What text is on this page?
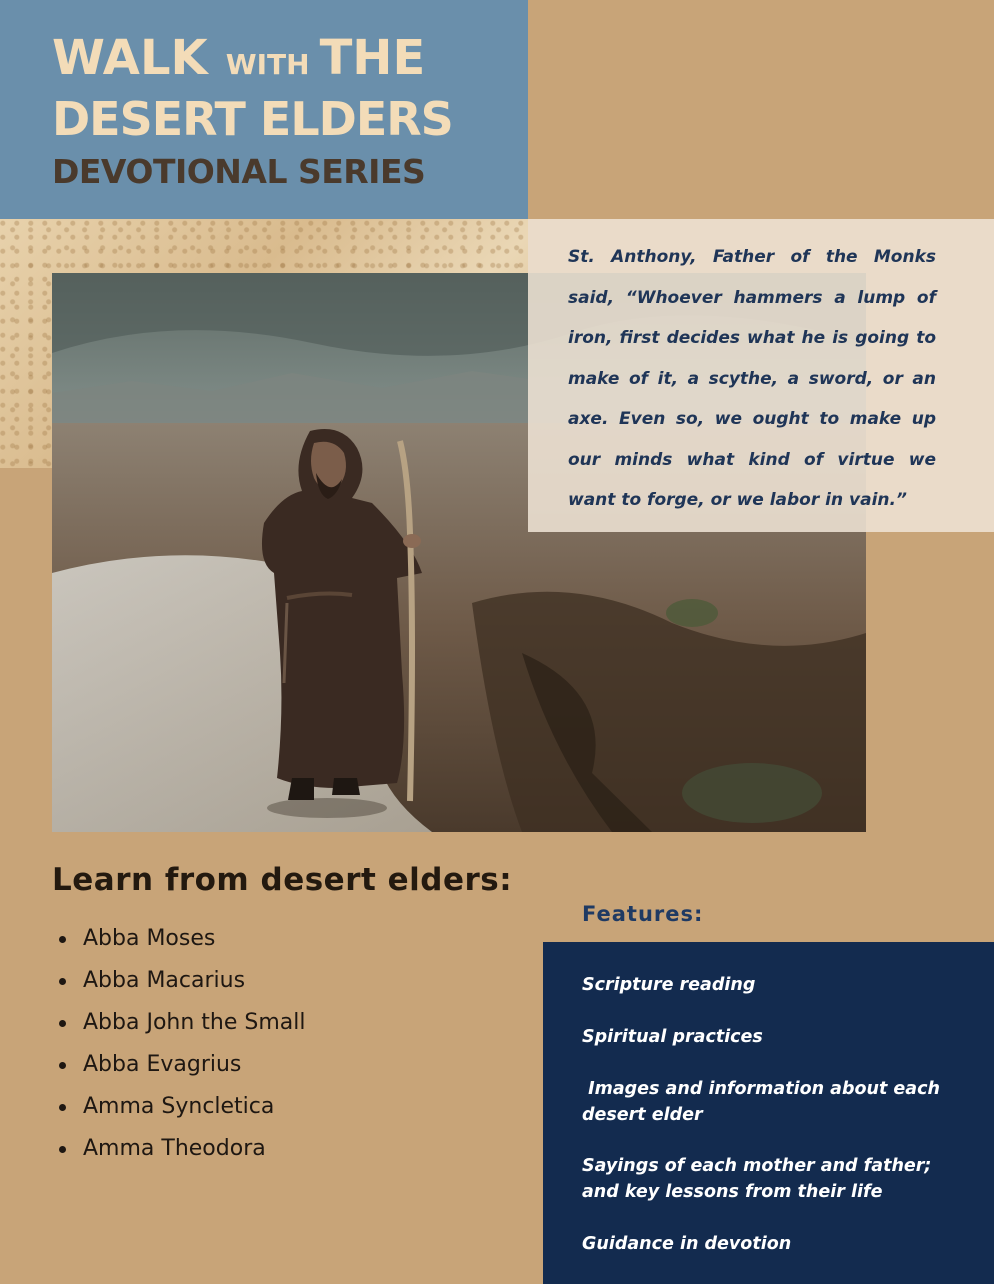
WALK WITH THE
DESERT ELDERS
DEVOTIONAL SERIES

St. Anthony, Father of the Monks said, “Whoever hammers a lump of iron, first decides what he is going to make of it, a scythe, a sword, or an axe. Even so, we ought to make up our minds what kind of virtue we want to forge, or we labor in vain.”

Learn from desert elders:
Abba Moses
Abba Macarius
Abba John the Small
Abba Evagrius
Amma Syncletica
Amma Theodora
Features:

Scripture reading

Spiritual practices

Images and information about each desert elder

Sayings of each mother and father; and key lessons from their life

Guidance in devotion
